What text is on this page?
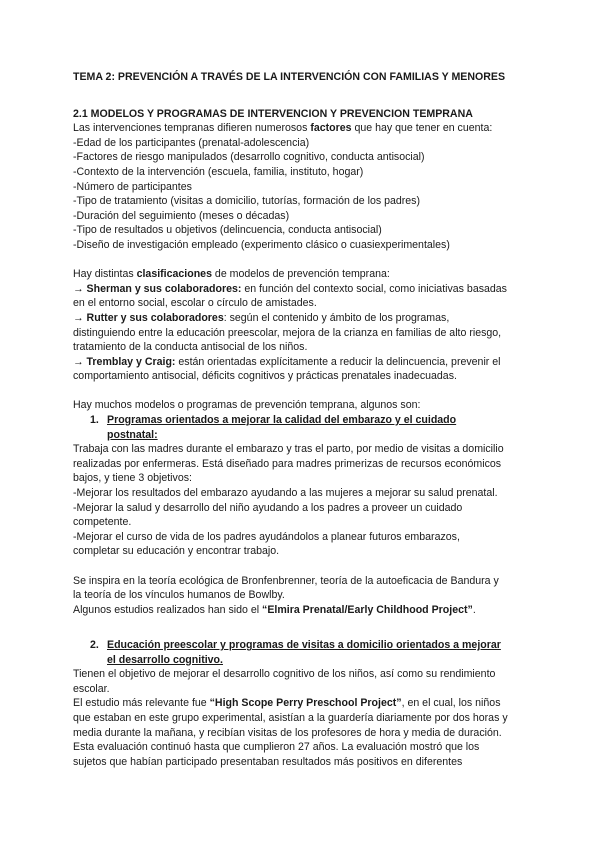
TEMA 2: PREVENCIÓN A TRAVÉS DE LA INTERVENCIÓN CON FAMILIAS Y MENORES
2.1 MODELOS Y PROGRAMAS DE INTERVENCION Y PREVENCION TEMPRANA
Las intervenciones tempranas difieren numerosos factores que hay que tener en cuenta:
-Edad de los participantes (prenatal-adolescencia)
-Factores de riesgo manipulados (desarrollo cognitivo, conducta antisocial)
-Contexto de la intervención (escuela, familia, instituto, hogar)
-Número de participantes
-Tipo de tratamiento (visitas a domicilio, tutorías, formación de los padres)
-Duración del seguimiento (meses o décadas)
-Tipo de resultados u objetivos (delincuencia, conducta antisocial)
-Diseño de investigación empleado (experimento clásico o cuasiexperimentales)
Hay distintas clasificaciones de modelos de prevención temprana:
→ Sherman y sus colaboradores: en función del contexto social, como iniciativas basadas
en el entorno social, escolar o círculo de amistades.
→ Rutter y sus colaboradores: según el contenido y ámbito de los programas,
distinguiendo entre la educación preescolar, mejora de la crianza en familias de alto riesgo,
tratamiento de la conducta antisocial de los niños.
→ Tremblay y Craig: están orientadas explícitamente a reducir la delincuencia, prevenir el
comportamiento antisocial, déficits cognitivos y prácticas prenatales inadecuadas.
Hay muchos modelos o programas de prevención temprana, algunos son:
1. Programas orientados a mejorar la calidad del embarazo y el cuidado
postnatal:
Trabaja con las madres durante el embarazo y tras el parto, por medio de visitas a domicilio
realizadas por enfermeras. Está diseñado para madres primerizas de recursos económicos
bajos, y tiene 3 objetivos:
-Mejorar los resultados del embarazo ayudando a las mujeres a mejorar su salud prenatal.
-Mejorar la salud y desarrollo del niño ayudando a los padres a proveer un cuidado
competente.
-Mejorar el curso de vida de los padres ayudándolos a planear futuros embarazos,
completar su educación y encontrar trabajo.
Se inspira en la teoría ecológica de Bronfenbrenner, teoría de la autoeficacia de Bandura y
la teoría de los vínculos humanos de Bowlby.
Algunos estudios realizados han sido el “Elmira Prenatal/Early Childhood Project”.
2. Educación preescolar y programas de visitas a domicilio orientados a mejorar
el desarrollo cognitivo.
Tienen el objetivo de mejorar el desarrollo cognitivo de los niños, así como su rendimiento
escolar.
El estudio más relevante fue “High Scope Perry Preschool Project”, en el cual, los niños
que estaban en este grupo experimental, asistían a la guardería diariamente por dos horas y
media durante la mañana, y recibían visitas de los profesores de hora y media de duración.
Esta evaluación continuó hasta que cumplieron 27 años. La evaluación mostró que los
sujetos que habían participado presentaban resultados más positivos en diferentes
